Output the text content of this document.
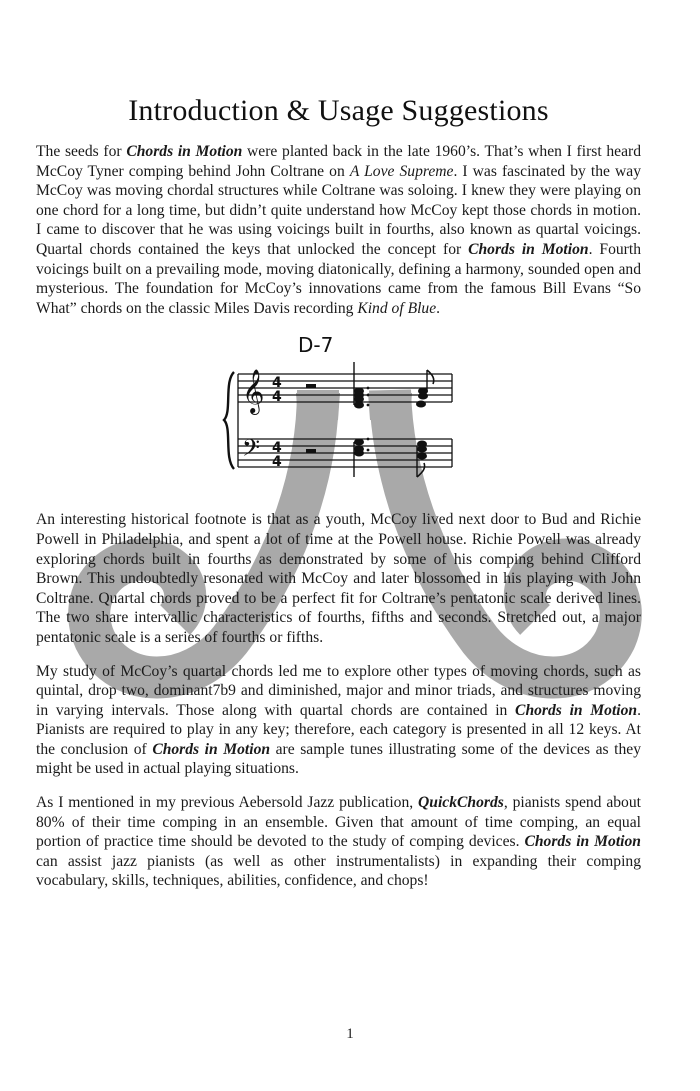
Introduction & Usage Suggestions

The seeds for Chords in Motion were planted back in the late 1960’s. That’s when I first heard McCoy Tyner comping behind John Coltrane on A Love Supreme. I was fascinated by the way McCoy was moving chordal structures while Coltrane was soloing. I knew they were playing on one chord for a long time, but didn’t quite understand how McCoy kept those chords in motion. I came to discover that he was using voicings built in fourths, also known as quartal voicings. Quartal chords contained the keys that unlocked the concept for Chords in Motion. Fourth voicings built on a prevailing mode, moving diatonically, defining a harmony, sounded open and mysterious. The foundation for McCoy’s innovations came from the famous Bill Evans “So What” chords on the classic Miles Davis recording Kind of Blue.

D-7
𝄞
𝄢
4
4
4
4

An interesting historical footnote is that as a youth, McCoy lived next door to Bud and Richie Powell in Philadelphia, and spent a lot of time at the Powell house. Richie Powell was already exploring chords built in fourths as demonstrated by some of his comping behind Clifford Brown. This undoubtedly resonated with McCoy and later blossomed in his playing with John Coltrane. Quartal chords proved to be a perfect fit for Coltrane’s pentatonic scale derived lines. The two share intervallic characteristics of fourths, fifths and seconds. Stretched out, a major pentatonic scale is a series of fourths or fifths.

My study of McCoy’s quartal chords led me to explore other types of moving chords, such as quintal, drop two, dominant7b9 and diminished, major and minor triads, and structures moving in varying intervals. Those along with quartal chords are contained in Chords in Motion. Pianists are required to play in any key; therefore, each category is presented in all 12 keys. At the conclusion of Chords in Motion are sample tunes illustrating some of the devices as they might be used in actual playing situations.

As I mentioned in my previous Aebersold Jazz publication, QuickChords, pianists spend about 80% of their time comping in an ensemble. Given that amount of time comping, an equal portion of practice time should be devoted to the study of comping devices. Chords in Motion can assist jazz pianists (as well as other instrumentalists) in expanding their comping vocabulary, skills, techniques, abilities, confidence, and chops!

1
